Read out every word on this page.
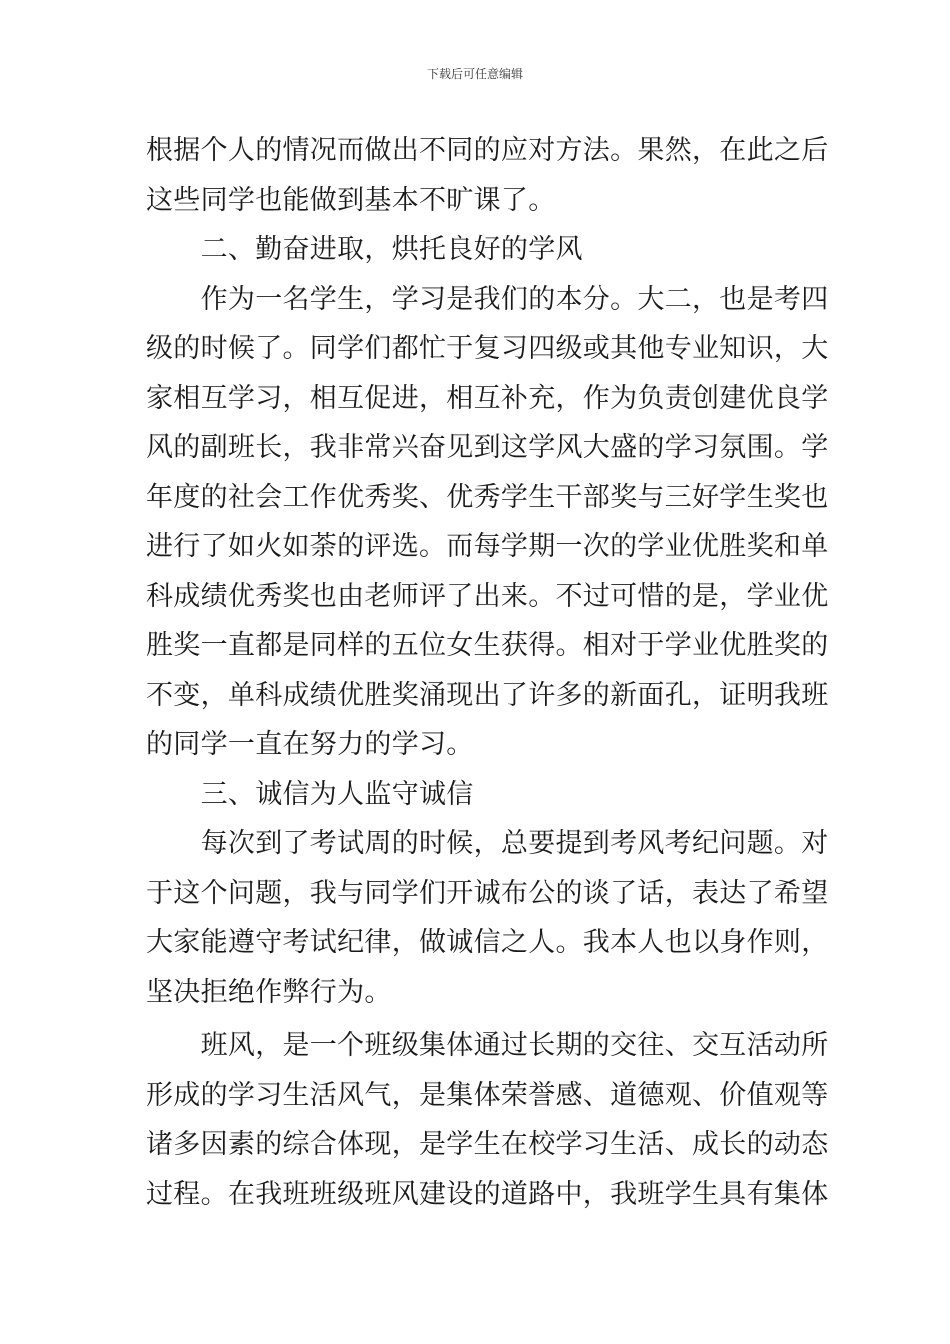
下载后可任意编辑

根据个人的情况而做出不同的应对方法。果然，在此之后

这些同学也能做到基本不旷课了。

　　二、勤奋进取，烘托良好的学风

　　作为一名学生，学习是我们的本分。大二，也是考四

级的时候了。同学们都忙于复习四级或其他专业知识，大

家相互学习，相互促进，相互补充，作为负责创建优良学

风的副班长，我非常兴奋见到这学风大盛的学习氛围。学

年度的社会工作优秀奖、优秀学生干部奖与三好学生奖也

进行了如火如荼的评选。而每学期一次的学业优胜奖和单

科成绩优秀奖也由老师评了出来。不过可惜的是，学业优

胜奖一直都是同样的五位女生获得。相对于学业优胜奖的

不变，单科成绩优胜奖涌现出了许多的新面孔，证明我班

的同学一直在努力的学习。

　　三、诚信为人监守诚信

　　每次到了考试周的时候，总要提到考风考纪问题。对

于这个问题，我与同学们开诚布公的谈了话，表达了希望

大家能遵守考试纪律，做诚信之人。我本人也以身作则，

坚决拒绝作弊行为。

　　班风，是一个班级集体通过长期的交往、交互活动所

形成的学习生活风气，是集体荣誉感、道德观、价值观等

诸多因素的综合体现，是学生在校学习生活、成长的动态

过程。在我班班级班风建设的道路中，我班学生具有集体
